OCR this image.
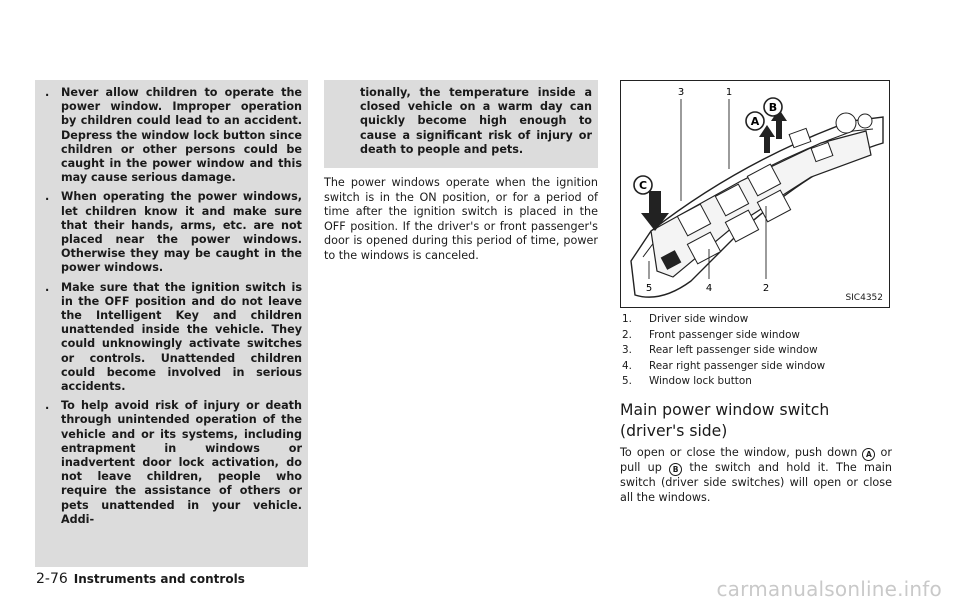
. Never allow children to operate the power window. Improper operation by children could lead to an accident. Depress the window lock button since children or other persons could be caught in the power window and this may cause serious damage.
. When operating the power windows, let children know it and make sure that their hands, arms, etc. are not placed near the power windows. Otherwise they may be caught in the power windows.
. Make sure that the ignition switch is in the OFF position and do not leave the Intelligent Key and children unattended inside the vehicle. They could unknowingly activate switches or controls. Unattended children could become involved in serious accidents.
. To help avoid risk of injury or death through unintended operation of the vehicle and or its systems, including entrapment in windows or inadvertent door lock activation, do not leave children, people who require the assistance of others or pets unattended in your vehicle. Addi-
tionally, the temperature inside a closed vehicle on a warm day can quickly become high enough to cause a significant risk of injury or death to people and pets.
The power windows operate when the ignition switch is in the ON position, or for a period of time after the ignition switch is placed in the OFF position. If the driver's or front passenger's door is opened during this period of time, power to the windows is canceled.
3	1
2
4
5
A
B
C
SIC4352
1. Driver side window
2. Front passenger side window
3. Rear left passenger side window
4. Rear right passenger side window
5. Window lock button
Main power window switch (driver's side)
To open or close the window, push down A or pull up B the switch and hold it. The main switch (driver side switches) will open or close all the windows.
2-76 Instruments and controls	carmanualsonline.info
